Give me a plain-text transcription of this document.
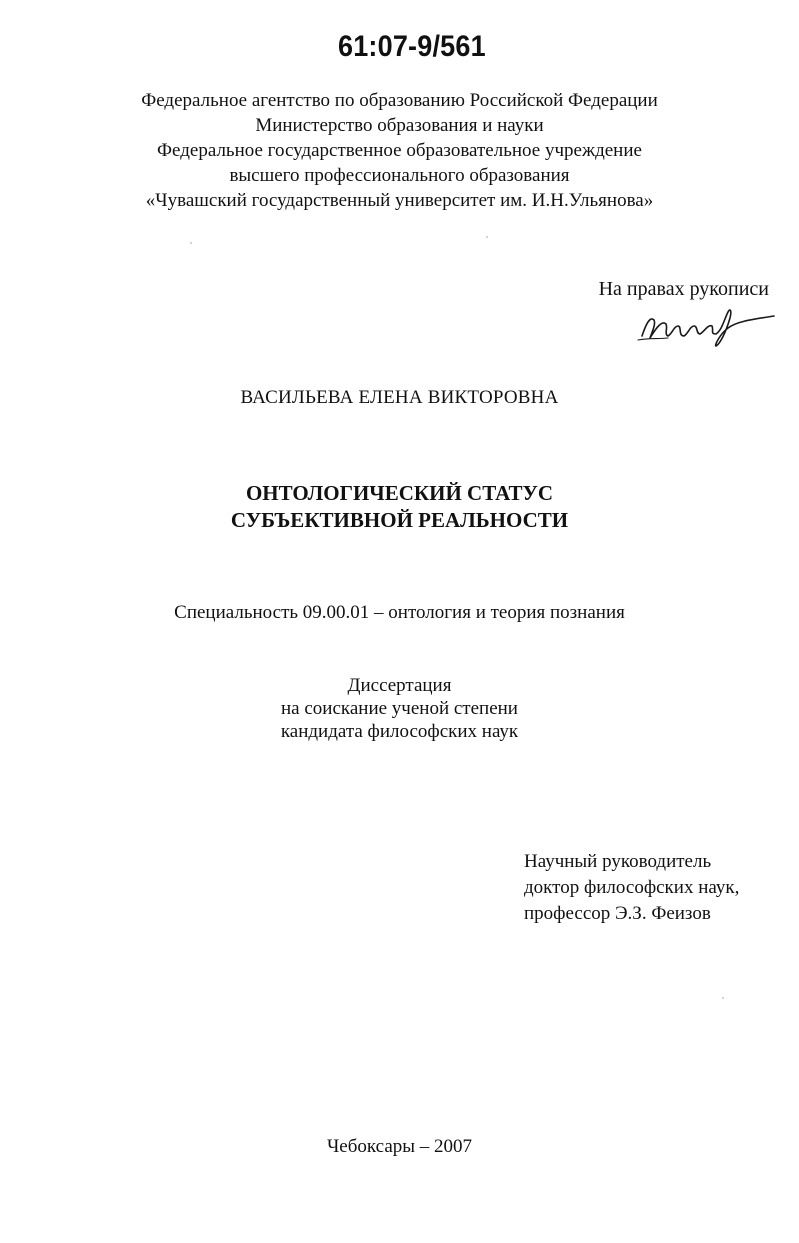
61:07-9/561
Федеральное агентство по образованию Российской Федерации
Министерство образования и науки
Федеральное государственное образовательное учреждение
высшего профессионального образования
«Чувашский государственный университет им. И.Н.Ульянова»
На правах рукописи
ВАСИЛЬЕВА ЕЛЕНА ВИКТОРОВНА
ОНТОЛОГИЧЕСКИЙ СТАТУС
СУБЪЕКТИВНОЙ РЕАЛЬНОСТИ
Специальность 09.00.01 – онтология и теория познания
Диссертация
на соискание ученой степени
кандидата философских наук
Научный руководитель
доктор философских наук,
профессор Э.З. Феизов
Чебоксары – 2007
